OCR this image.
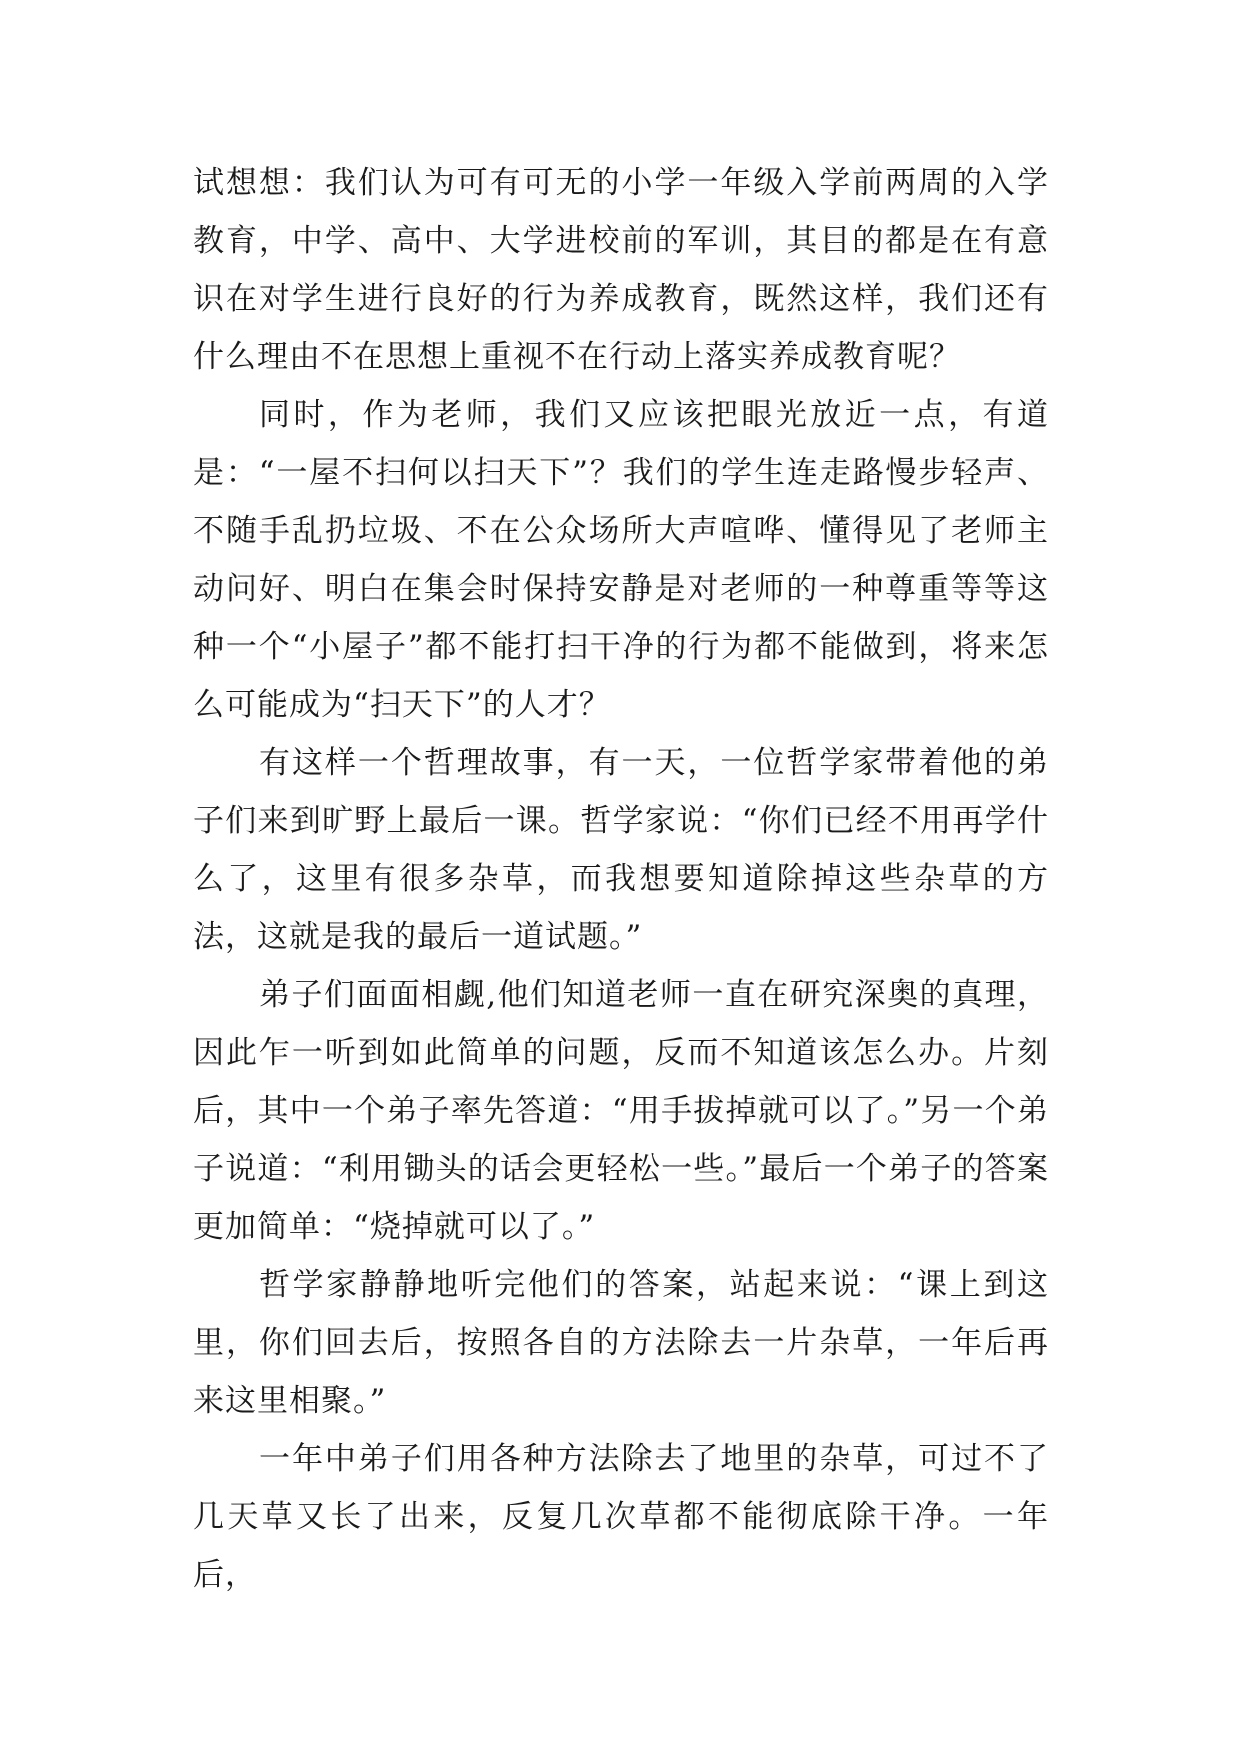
试想想：我们认为可有可无的小学一年级入学前两周的入学教育，中学、高中、大学进校前的军训，其目的都是在有意识在对学生进行良好的行为养成教育，既然这样，我们还有什么理由不在思想上重视不在行动上落实养成教育呢？

同时，作为老师，我们又应该把眼光放近一点，有道是：“一屋不扫何以扫天下”？我们的学生连走路慢步轻声、不随手乱扔垃圾、不在公众场所大声喧哗、懂得见了老师主动问好、明白在集会时保持安静是对老师的一种尊重等等这种一个“小屋子”都不能打扫干净的行为都不能做到，将来怎么可能成为“扫天下”的人才？

有这样一个哲理故事，有一天，一位哲学家带着他的弟子们来到旷野上最后一课。哲学家说：“你们已经不用再学什么了，这里有很多杂草，而我想要知道除掉这些杂草的方法，这就是我的最后一道试题。”

弟子们面面相觑,他们知道老师一直在研究深奥的真理，因此乍一听到如此简单的问题，反而不知道该怎么办。片刻后，其中一个弟子率先答道：“用手拔掉就可以了。”另一个弟子说道：“利用锄头的话会更轻松一些。”最后一个弟子的答案更加简单：“烧掉就可以了。”

哲学家静静地听完他们的答案，站起来说：“课上到这里，你们回去后，按照各自的方法除去一片杂草，一年后再来这里相聚。”

一年中弟子们用各种方法除去了地里的杂草，可过不了几天草又长了出来，反复几次草都不能彻底除干净。一年后，
